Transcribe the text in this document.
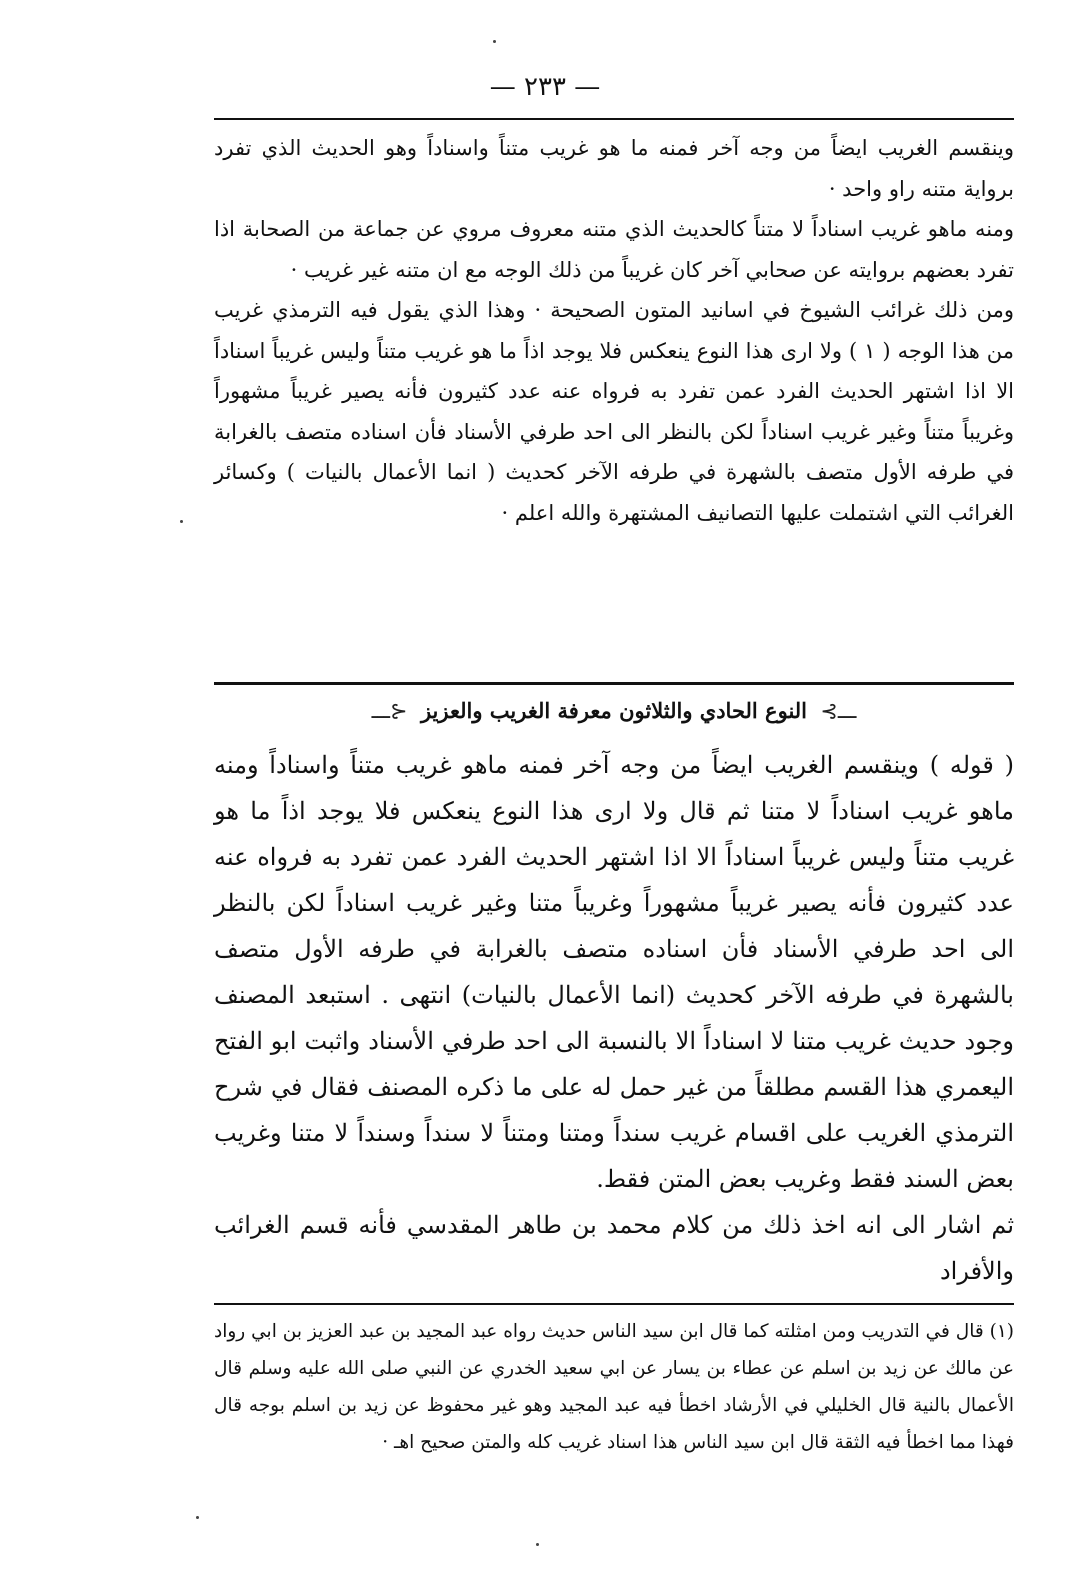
— ٢٣٣ —

وينقسم الغريب ايضاً من وجه آخر فمنه ما هو غريب متناً واسناداً وهو الحديث الذي تفرد برواية متنه راو واحد ·

ومنه ماهو غريب اسناداً لا متناً كالحديث الذي متنه معروف مروي عن جماعة من الصحابة اذا تفرد بعضهم بروايته عن صحابي آخر كان غريباً من ذلك الوجه مع ان متنه غير غريب ·

ومن ذلك غرائب الشيوخ في اسانيد المتون الصحيحة · وهذا الذي يقول فيه الترمذي غريب من هذا الوجه ( ١ ) ولا ارى هذا النوع ينعكس فلا يوجد اذاً ما هو غريب متناً وليس غريباً اسناداً الا اذا اشتهر الحديث الفرد عمن تفرد به فرواه عنه عدد كثيرون فأنه يصير غريباً مشهوراً وغريباً متناً وغير غريب اسناداً لكن بالنظر الى احد طرفي الأسناد فأن اسناده متصف بالغرابة في طرفه الأول متصف بالشهرة في طرفه الآخر كحديث ( انما الأعمال بالنيات ) وكسائر الغرائب التي اشتملت عليها التصانيف المشتهرة والله اعلم ·

ـــ⊱ النوع الحادي والثلاثون معرفة الغريب والعزيز ⊰ـــ

( قوله ) وينقسم الغريب ايضاً من وجه آخر فمنه ماهو غريب متناً واسناداً ومنه ماهو غريب اسناداً لا متنا ثم قال ولا ارى هذا النوع ينعكس فلا يوجد اذاً ما هو غريب متناً وليس غريباً اسناداً الا اذا اشتهر الحديث الفرد عمن تفرد به فرواه عنه عدد كثيرون فأنه يصير غريباً مشهوراً وغريباً متنا وغير غريب اسناداً لكن بالنظر الى احد طرفي الأسناد فأن اسناده متصف بالغرابة في طرفه الأول متصف بالشهرة في طرفه الآخر كحديث (انما الأعمال بالنيات) انتهى . استبعد المصنف وجود حديث غريب متنا لا اسناداً الا بالنسبة الى احد طرفي الأسناد واثبت ابو الفتح اليعمري هذا القسم مطلقاً من غير حمل له على ما ذكره المصنف فقال في شرح الترمذي الغريب على اقسام غريب سنداً ومتنا ومتناً لا سنداً وسنداً لا متنا وغريب بعض السند فقط وغريب بعض المتن فقط.

ثم اشار الى انه اخذ ذلك من كلام محمد بن طاهر المقدسي فأنه قسم الغرائب والأفراد

(١) قال في التدريب ومن امثلته كما قال ابن سيد الناس حديث رواه عبد المجيد بن عبد العزيز بن ابي رواد عن مالك عن زيد بن اسلم عن عطاء بن يسار عن ابي سعيد الخدري عن النبي صلى الله عليه وسلم قال الأعمال بالنية قال الخليلي في الأرشاد اخطأ فيه عبد المجيد وهو غير محفوظ عن زيد بن اسلم بوجه قال فهذا مما اخطأ فيه الثقة قال ابن سيد الناس هذا اسناد غريب كله والمتن صحيح اهـ ·
